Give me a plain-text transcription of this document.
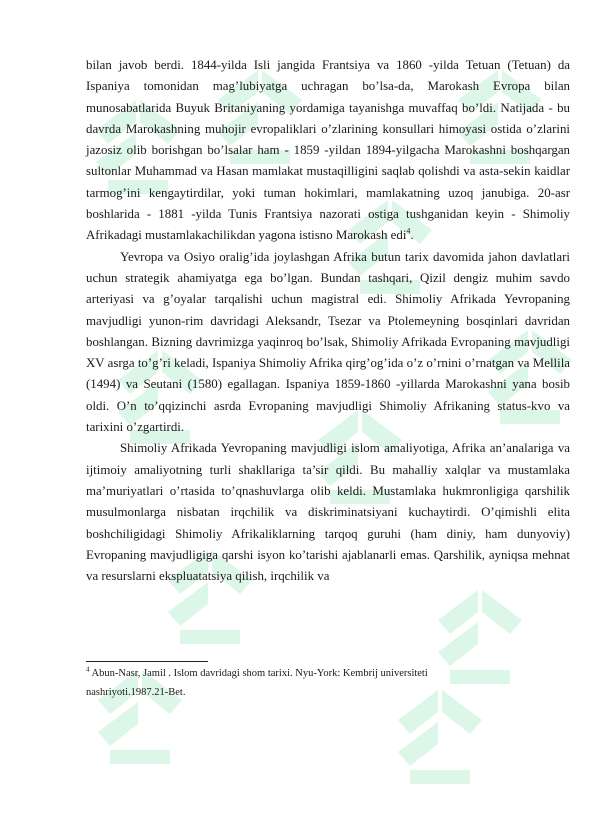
bilan javob berdi. 1844-yilda Isli jangida Frantsiya va 1860 -yilda Tetuan (Tetuan) da Ispaniya tomonidan mag’lubiyatga uchragan bo’lsa-da, Marokash Evropa bilan munosabatlarida Buyuk Britaniyaning yordamiga tayanishga muvaffaq bo’ldi. Natijada - bu davrda Marokashning muhojir evropaliklari o’zlarining konsullari himoyasi ostida o’zlarini jazosiz olib borishgan bo’lsalar ham - 1859 -yildan 1894-yilgacha Marokashni boshqargan sultonlar Muhammad va Hasan mamlakat mustaqilligini saqlab qolishdi va asta-sekin kaidlar tarmog’ini kengaytirdilar, yoki tuman hokimlari, mamlakatning uzoq janubiga. 20-asr boshlarida - 1881 -yilda Tunis Frantsiya nazorati ostiga tushganidan keyin - Shimoliy Afrikadagi mustamlakachilikdan yagona istisno Marokash edi$^4$.

Yevropa va Osiyo oralig’ida joylashgan Afrika butun tarix davomida jahon davlatlari uchun strategik ahamiyatga ega bo’lgan. Bundan tashqari, Qizil dengiz muhim savdo arteriyasi va g’oyalar tarqalishi uchun magistral edi. Shimoliy Afrikada Yevropaning mavjudligi yunon-rim davridagi Aleksandr, Tsezar va Ptolemeyning bosqinlari davridan boshlangan. Bizning davrimizga yaqinroq bo’lsak, Shimoliy Afrikada Evropaning mavjudligi XV asrga to’g’ri keladi, Ispaniya Shimoliy Afrika qirg’og’ida o’z o’rnini o’rnatgan va Mellila (1494) va Seutani (1580) egallagan. Ispaniya 1859-1860 -yillarda Marokashni yana bosib oldi. O’n to’qqizinchi asrda Evropaning mavjudligi Shimoliy Afrikaning status-kvo va tarixini o’zgartirdi.

Shimoliy Afrikada Yevropaning mavjudligi islom amaliyotiga, Afrika an’analariga va ijtimoiy amaliyotning turli shakllariga ta’sir qildi. Bu mahalliy xalqlar va mustamlaka ma’muriyatlari o’rtasida to’qnashuvlarga olib keldi. Mustamlaka hukmronligiga qarshilik musulmonlarga nisbatan irqchilik va diskriminatsiyani kuchaytirdi. O’qimishli elita boshchiligidagi Shimoliy Afrikaliklarning tarqoq guruhi (ham diniy, ham dunyoviy) Evropaning mavjudligiga qarshi isyon ko’tarishi ajablanarli emas. Qarshilik, ayniqsa mehnat va resurslarni ekspluatatsiya qilish, irqchilik va

$^4$ Abun-Nasr, Jamil . Islom davridagi shom tarixi. Nyu-York: Kembrij universiteti

nashriyoti.1987.21-Bet.
